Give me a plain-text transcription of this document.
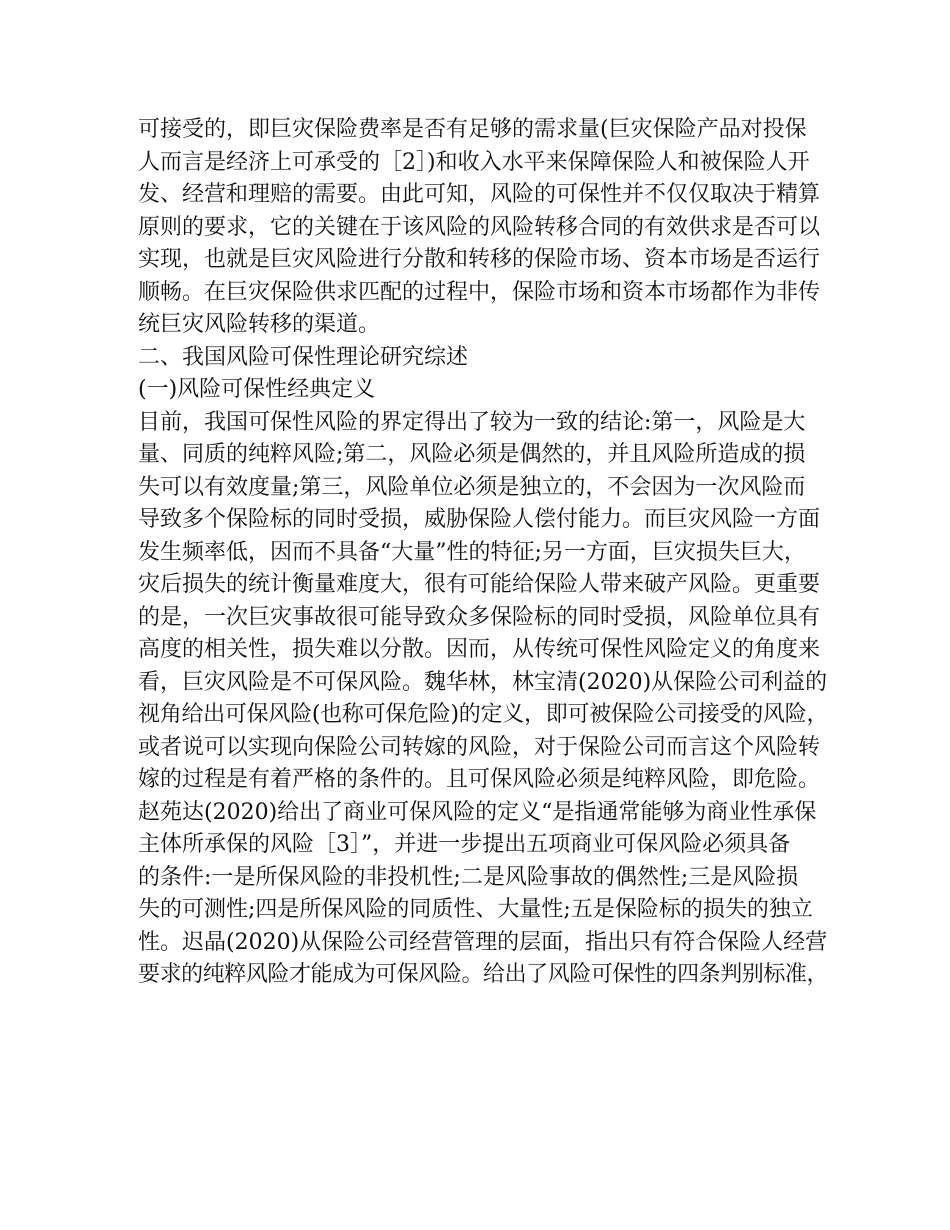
可接受的，即巨灾保险费率是否有足够的需求量(巨灾保险产品对投保
人而言是经济上可承受的［2］)和收入水平来保障保险人和被保险人开
发、经营和理赔的需要。由此可知，风险的可保性并不仅仅取决于精算
原则的要求，它的关键在于该风险的风险转移合同的有效供求是否可以
实现，也就是巨灾风险进行分散和转移的保险市场、资本市场是否运行
顺畅。在巨灾保险供求匹配的过程中，保险市场和资本市场都作为非传
统巨灾风险转移的渠道。
二、我国风险可保性理论研究综述
(一)风险可保性经典定义
目前，我国可保性风险的界定得出了较为一致的结论:第一，风险是大
量、同质的纯粹风险;第二，风险必须是偶然的，并且风险所造成的损
失可以有效度量;第三，风险单位必须是独立的，不会因为一次风险而
导致多个保险标的同时受损，威胁保险人偿付能力。而巨灾风险一方面
发生频率低，因而不具备“大量”性的特征;另一方面，巨灾损失巨大，
灾后损失的统计衡量难度大，很有可能给保险人带来破产风险。更重要
的是，一次巨灾事故很可能导致众多保险标的同时受损，风险单位具有
高度的相关性，损失难以分散。因而，从传统可保性风险定义的角度来
看，巨灾风险是不可保风险。魏华林，林宝清(2020)从保险公司利益的
视角给出可保风险(也称可保危险)的定义，即可被保险公司接受的风险，
或者说可以实现向保险公司转嫁的风险，对于保险公司而言这个风险转
嫁的过程是有着严格的条件的。且可保风险必须是纯粹风险，即危险。
赵苑达(2020)给出了商业可保风险的定义“是指通常能够为商业性承保
主体所承保的风险［3］”，并进一步提出五项商业可保风险必须具备
的条件:一是所保风险的非投机性;二是风险事故的偶然性;三是风险损
失的可测性;四是所保风险的同质性、大量性;五是保险标的损失的独立
性。迟晶(2020)从保险公司经营管理的层面，指出只有符合保险人经营
要求的纯粹风险才能成为可保风险。给出了风险可保性的四条判别标准，
